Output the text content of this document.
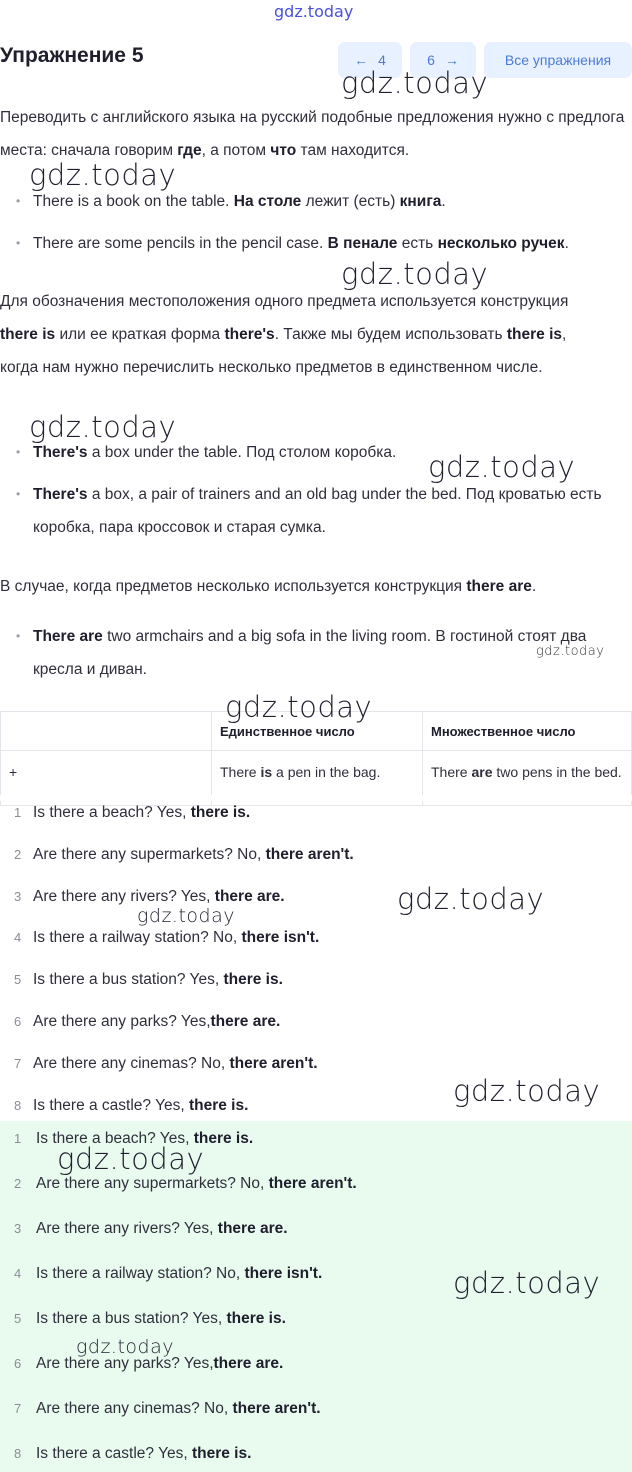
gdz.today
Упражнение 5	← 4	6 →	Все упражнения
Переводить с английского языка на русский подобные предложения нужно с предлога места: сначала говорим где, а потом что там находится.
• There is a book on the table. На столе лежит (есть) книга.
• There are some pencils in the pencil case. В пенале есть несколько ручек.
Для обозначения местоположения одного предмета используется конструкция there is или ее краткая форма there's. Также мы будем использовать there is, когда нам нужно перечислить несколько предметов в единственном числе.
• There's a box under the table. Под столом коробка.
• There's a box, a pair of trainers and an old bag under the bed. Под кроватью есть коробка, пара кроссовок и старая сумка.
В случае, когда предметов несколько используется конструкция there are.
• There are two armchairs and a big sofa in the living room. В гостиной стоят два кресла и диван.
	Единственное число	Множественное число
+	There is a pen in the bag.	There are two pens in the bed.
1 Is there a beach? Yes, there is.
2 Are there any supermarkets? No, there aren't.
3 Are there any rivers? Yes, there are.
4 Is there a railway station? No, there isn't.
5 Is there a bus station? Yes, there is.
6 Are there any parks? Yes,there are.
7 Are there any cinemas? No, there aren't.
8 Is there a castle? Yes, there is.
1 Is there a beach? Yes, there is.
2 Are there any supermarkets? No, there aren't.
3 Are there any rivers? Yes, there are.
4 Is there a railway station? No, there isn't.
5 Is there a bus station? Yes, there is.
6 Are there any parks? Yes,there are.
7 Are there any cinemas? No, there aren't.
8 Is there a castle? Yes, there is.
gdz.today
gdz.today
gdz.today
gdz.today
gdz.today
gdz.today
gdz.today
gdz.today
gdz.today
gdz.today
gdz.today
gdz.today
gdz.today
